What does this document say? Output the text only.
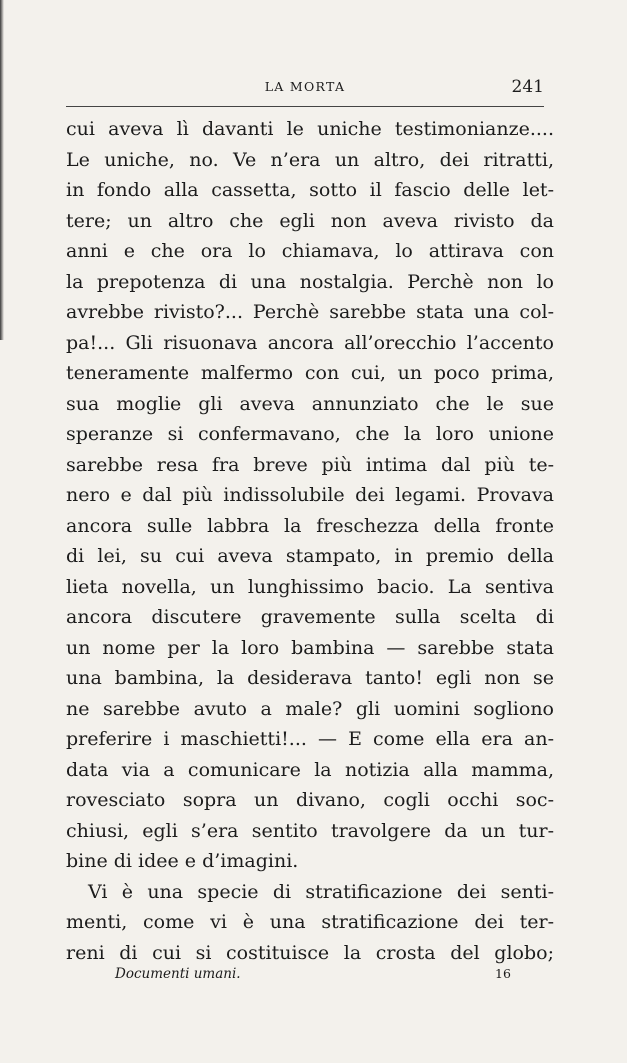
LA MORTA	241
cui aveva lì davanti le uniche testimonianze....
Le uniche, no. Ve n’era un altro, dei ritratti,
in fondo alla cassetta, sotto il fascio delle let-
tere; un altro che egli non aveva rivisto da
anni e che ora lo chiamava, lo attirava con
la prepotenza di una nostalgia. Perchè non lo
avrebbe rivisto?... Perchè sarebbe stata una col-
pa!... Gli risuonava ancora all’orecchio l’accento
teneramente malfermo con cui, un poco prima,
sua moglie gli aveva annunziato che le sue
speranze si confermavano, che la loro unione
sarebbe resa fra breve più intima dal più te-
nero e dal più indissolubile dei legami. Provava
ancora sulle labbra la freschezza della fronte
di lei, su cui aveva stampato, in premio della
lieta novella, un lunghissimo bacio. La sentiva
ancora discutere gravemente sulla scelta di
un nome per la loro bambina — sarebbe stata
una bambina, la desiderava tanto! egli non se
ne sarebbe avuto a male? gli uomini sogliono
preferire i maschietti!... — E come ella era an-
data via a comunicare la notizia alla mamma,
rovesciato sopra un divano, cogli occhi soc-
chiusi, egli s’era sentito travolgere da un tur-
bine di idee e d’imagini.
Vi è una specie di stratificazione dei senti-
menti, come vi è una stratificazione dei ter-
reni di cui si costituisce la crosta del globo;
Documenti umani.	16
